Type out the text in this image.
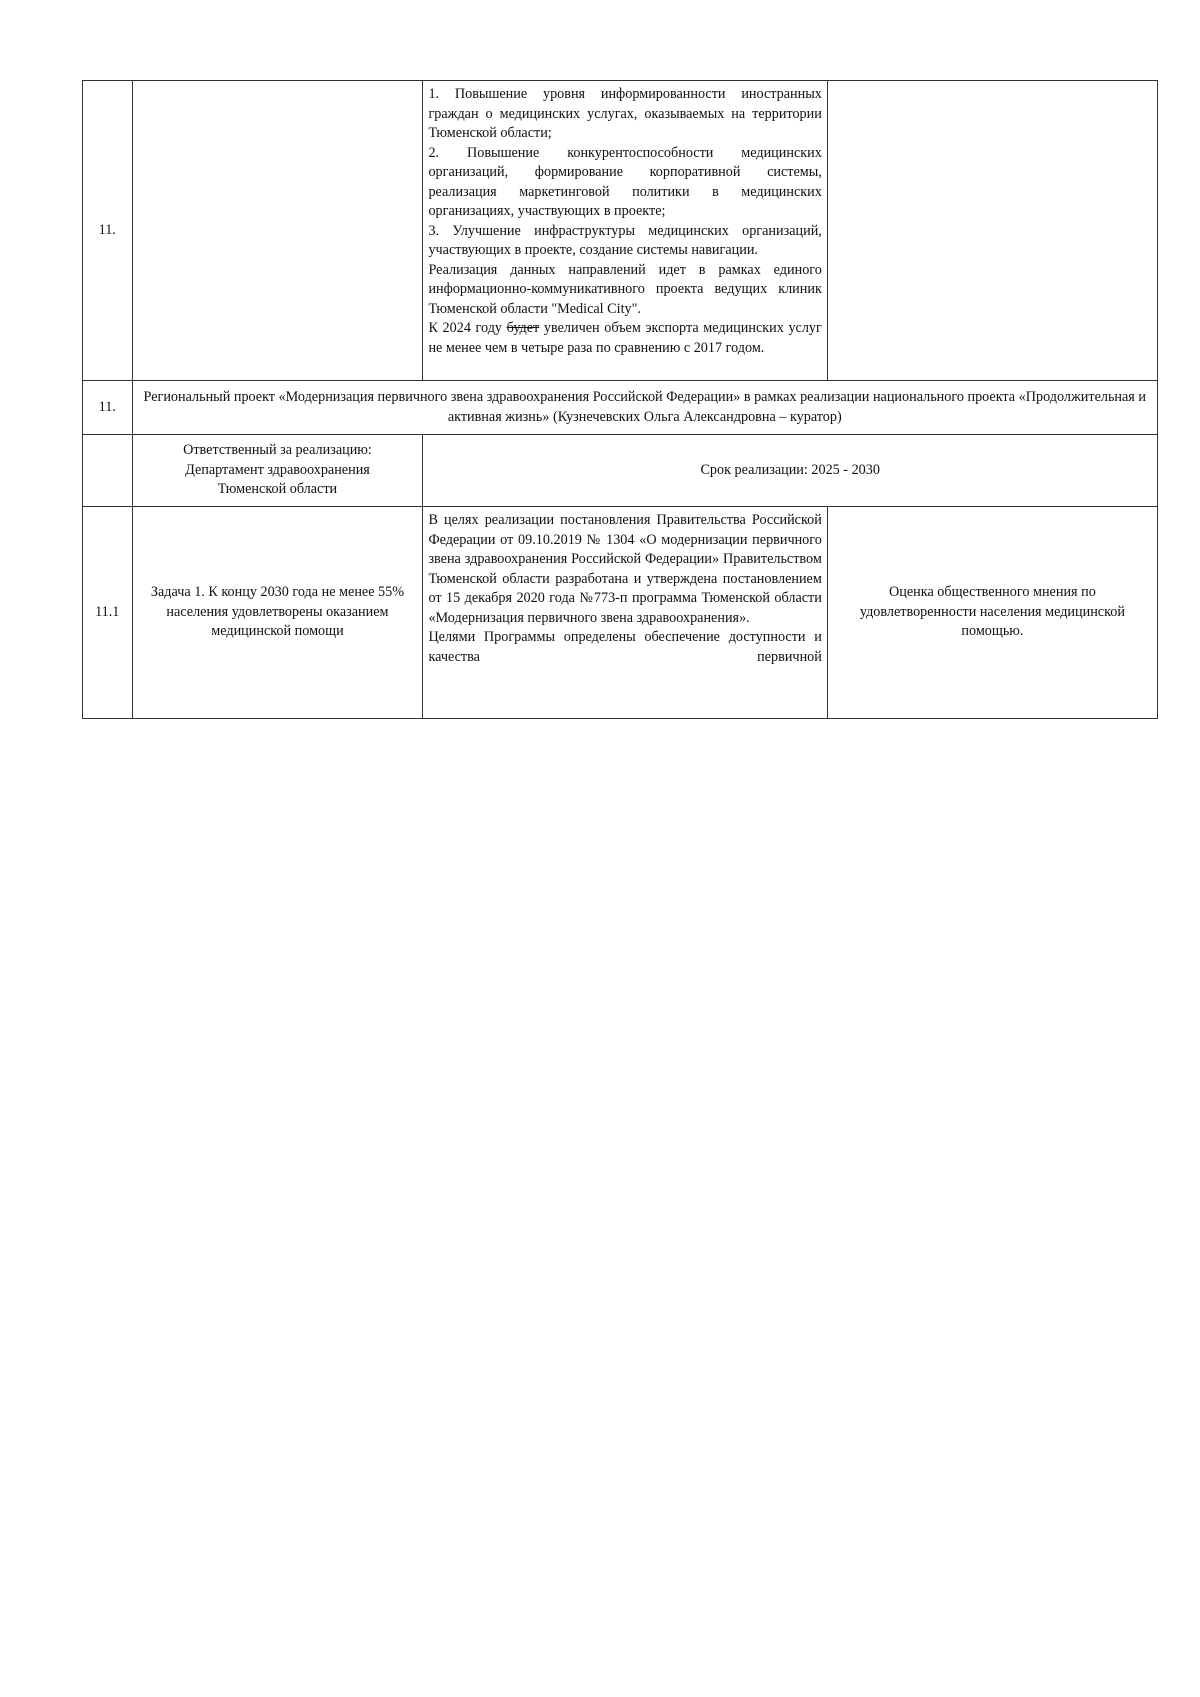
11.		1. Повышение уровня информированности иностранных граждан о медицинских услугах, оказываемых на территории Тюменской области;

2. Повышение конкурентоспособности медицинских организаций, формирование корпоративной системы, реализация маркетинговой политики в медицинских организациях, участвующих в проекте;

3. Улучшение инфраструктуры медицинских организаций, участвующих в проекте, создание системы навигации.

Реализация данных направлений идет в рамках единого информационно-коммуникативного проекта ведущих клиник Тюменской области "Medical City".

К 2024 году будет увеличен объем экспорта медицинских услуг не менее чем в четыре раза по сравнению с 2017 годом.	

11.	Региональный проект «Модернизация первичного звена здравоохранения Российской Федерации» в рамках реализации национального проекта «Продолжительная и активная жизнь» (Кузнечевских Ольга Александровна – куратор)		
	Ответственный за реализацию: Департамент здравоохранения Тюменской области	Срок реализации: 2025 - 2030	
11.1	Задача 1. К концу 2030 года не менее 55% населения удовлетворены оказанием медицинской помощи	В целях реализации постановления Правительства Российской Федерации от 09.10.2019 № 1304 «О модернизации первичного звена здравоохранения Российской Федерации» Правительством Тюменской области разработана и утверждена постановлением от 15 декабря 2020 года №773-п программа Тюменской области «Модернизация первичного звена здравоохранения».

Целями Программы определены обеспечение доступности и качества первичной	Оценка общественного мнения по удовлетворенности населения медицинской помощью.
